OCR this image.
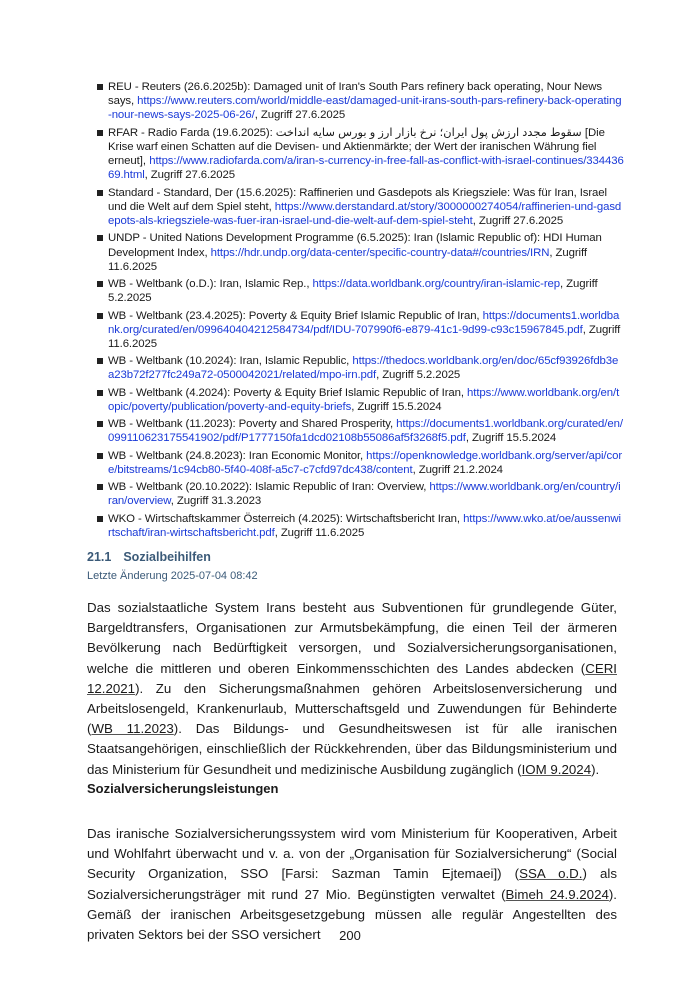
REU - Reuters (26.6.2025b): Damaged unit of Iran's South Pars refinery back operating, Nour News says, https://www.reuters.com/world/middle-east/damaged-unit-irans-south-pars-refinery-back-operating-nour-news-says-2025-06-26/, Zugriff 27.6.2025
RFAR - Radio Farda (19.6.2025): سقوط مجدد ارزش پول ایران؛ نرخ بازار ارز و بورس سایه انداخت [Die Krise warf einen Schatten auf die Devisen- und Aktienmärkte; der Wert der iranischen Währung fiel erneut], https://www.radiofarda.com/a/iran-s-currency-in-free-fall-as-conflict-with-israel-continues/33443669.html, Zugriff 27.6.2025
Standard - Standard, Der (15.6.2025): Raffinerien und Gasdepots als Kriegsziele: Was für Iran, Israel und die Welt auf dem Spiel steht, https://www.derstandard.at/story/3000000274054/raffinerien-und-gasdepots-als-kriegsziele-was-fuer-iran-israel-und-die-welt-auf-dem-spiel-steht, Zugriff 27.6.2025
UNDP - United Nations Development Programme (6.5.2025): Iran (Islamic Republic of): HDI Human Development Index, https://hdr.undp.org/data-center/specific-country-data#/countries/IRN, Zugriff 11.6.2025
WB - Weltbank (o.D.): Iran, Islamic Rep., https://data.worldbank.org/country/iran-islamic-rep, Zugriff 5.2.2025
WB - Weltbank (23.4.2025): Poverty & Equity Brief Islamic Republic of Iran, https://documents1.worldbank.org/curated/en/099640404212584734/pdf/IDU-707990f6-e879-41c1-9d99-c93c15967845.pdf, Zugriff 11.6.2025
WB - Weltbank (10.2024): Iran, Islamic Republic, https://thedocs.worldbank.org/en/doc/65cf93926fdb3ea23b72f277fc249a72-0500042021/related/mpo-irn.pdf, Zugriff 5.2.2025
WB - Weltbank (4.2024): Poverty & Equity Brief Islamic Republic of Iran, https://www.worldbank.org/en/topic/poverty/publication/poverty-and-equity-briefs, Zugriff 15.5.2024
WB - Weltbank (11.2023): Poverty and Shared Prosperity, https://documents1.worldbank.org/curated/en/099110623175541902/pdf/P1777150fa1dcd02108b55086af5f3268f5.pdf, Zugriff 15.5.2024
WB - Weltbank (24.8.2023): Iran Economic Monitor, https://openknowledge.worldbank.org/server/api/core/bitstreams/1c94cb80-5f40-408f-a5c7-c7cfd97dc438/content, Zugriff 21.2.2024
WB - Weltbank (20.10.2022): Islamic Republic of Iran: Overview, https://www.worldbank.org/en/country/iran/overview, Zugriff 31.3.2023
WKO - Wirtschaftskammer Österreich (4.2025): Wirtschaftsbericht Iran, https://www.wko.at/oe/aussenwirtschaft/iran-wirtschaftsbericht.pdf, Zugriff 11.6.2025
21.1 Sozialbeihilfen
Letzte Änderung 2025-07-04 08:42

Das sozialstaatliche System Irans besteht aus Subventionen für grundlegende Güter, Bargeldtransfers, Organisationen zur Armutsbekämpfung, die einen Teil der ärmeren Bevölkerung nach Bedürftigkeit versorgen, und Sozialversicherungsorganisationen, welche die mittleren und oberen Einkommensschichten des Landes abdecken (CERI 12.2021). Zu den Sicherungsmaßnahmen gehören Arbeitslosenversicherung und Arbeitslosengeld, Krankenurlaub, Mutterschaftsgeld und Zuwendungen für Behinderte (WB 11.2023). Das Bildungs- und Gesundheitswesen ist für alle iranischen Staatsangehörigen, einschließlich der Rückkehrenden, über das Bildungsministerium und das Ministerium für Gesundheit und medizinische Ausbildung zugänglich (IOM 9.2024).

Sozialversicherungsleistungen

Das iranische Sozialversicherungssystem wird vom Ministerium für Kooperativen, Arbeit und Wohlfahrt überwacht und v. a. von der „Organisation für Sozialversicherung“ (Social Security Organization, SSO [Farsi: Sazman Tamin Ejtemaei]) (SSA o.D.) als Sozialversicherungsträger mit rund 27 Mio. Begünstigten verwaltet (Bimeh 24.9.2024). Gemäß der iranischen Arbeitsgesetzgebung müssen alle regulär Angestellten des privaten Sektors bei der SSO versichert	200
